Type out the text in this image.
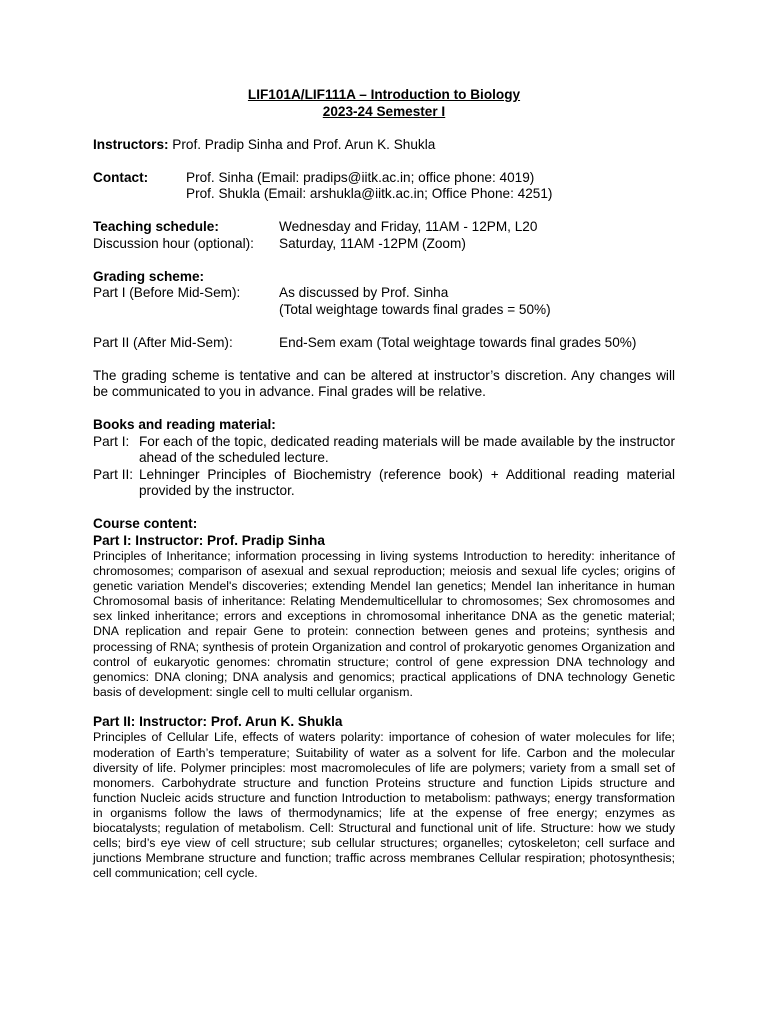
LIF101A/LIF111A – Introduction to Biology
2023-24 Semester I
Instructors: Prof. Pradip Sinha and Prof. Arun K. Shukla
Contact:	Prof. Sinha (Email: pradips@iitk.ac.in; office phone: 4019)
Prof. Shukla (Email: arshukla@iitk.ac.in; Office Phone: 4251)
Teaching schedule:	Wednesday and Friday, 11AM - 12PM, L20
Discussion hour (optional):	Saturday, 11AM -12PM (Zoom)
Grading scheme:
Part I (Before Mid-Sem):	As discussed by Prof. Sinha
(Total weightage towards final grades = 50%)
Part II (After Mid-Sem):	End-Sem exam (Total weightage towards final grades 50%)
The grading scheme is tentative and can be altered at instructor’s discretion. Any changes will be communicated to you in advance. Final grades will be relative.
Books and reading material:
Part I: For each of the topic, dedicated reading materials will be made available by the instructor ahead of the scheduled lecture.
Part II: Lehninger Principles of Biochemistry (reference book) + Additional reading material provided by the instructor.
Course content:
Part I: Instructor: Prof. Pradip Sinha
Principles of Inheritance; information processing in living systems Introduction to heredity: inheritance of chromosomes; comparison of asexual and sexual reproduction; meiosis and sexual life cycles; origins of genetic variation Mendel's discoveries; extending Mendel Ian genetics; Mendel Ian inheritance in human Chromosomal basis of inheritance: Relating Mendemulticellular to chromosomes; Sex chromosomes and sex linked inheritance; errors and exceptions in chromosomal inheritance DNA as the genetic material; DNA replication and repair Gene to protein: connection between genes and proteins; synthesis and processing of RNA; synthesis of protein Organization and control of prokaryotic genomes Organization and control of eukaryotic genomes: chromatin structure; control of gene expression DNA technology and genomics: DNA cloning; DNA analysis and genomics; practical applications of DNA technology Genetic basis of development: single cell to multi cellular organism.
Part II: Instructor: Prof. Arun K. Shukla
Principles of Cellular Life, effects of waters polarity: importance of cohesion of water molecules for life; moderation of Earth’s temperature; Suitability of water as a solvent for life. Carbon and the molecular diversity of life. Polymer principles: most macromolecules of life are polymers; variety from a small set of monomers. Carbohydrate structure and function Proteins structure and function Lipids structure and function Nucleic acids structure and function Introduction to metabolism: pathways; energy transformation in organisms follow the laws of thermodynamics; life at the expense of free energy; enzymes as biocatalysts; regulation of metabolism. Cell: Structural and functional unit of life. Structure: how we study cells; bird’s eye view of cell structure; sub cellular structures; organelles; cytoskeleton; cell surface and junctions Membrane structure and function; traffic across membranes Cellular respiration; photosynthesis; cell communication; cell cycle.
